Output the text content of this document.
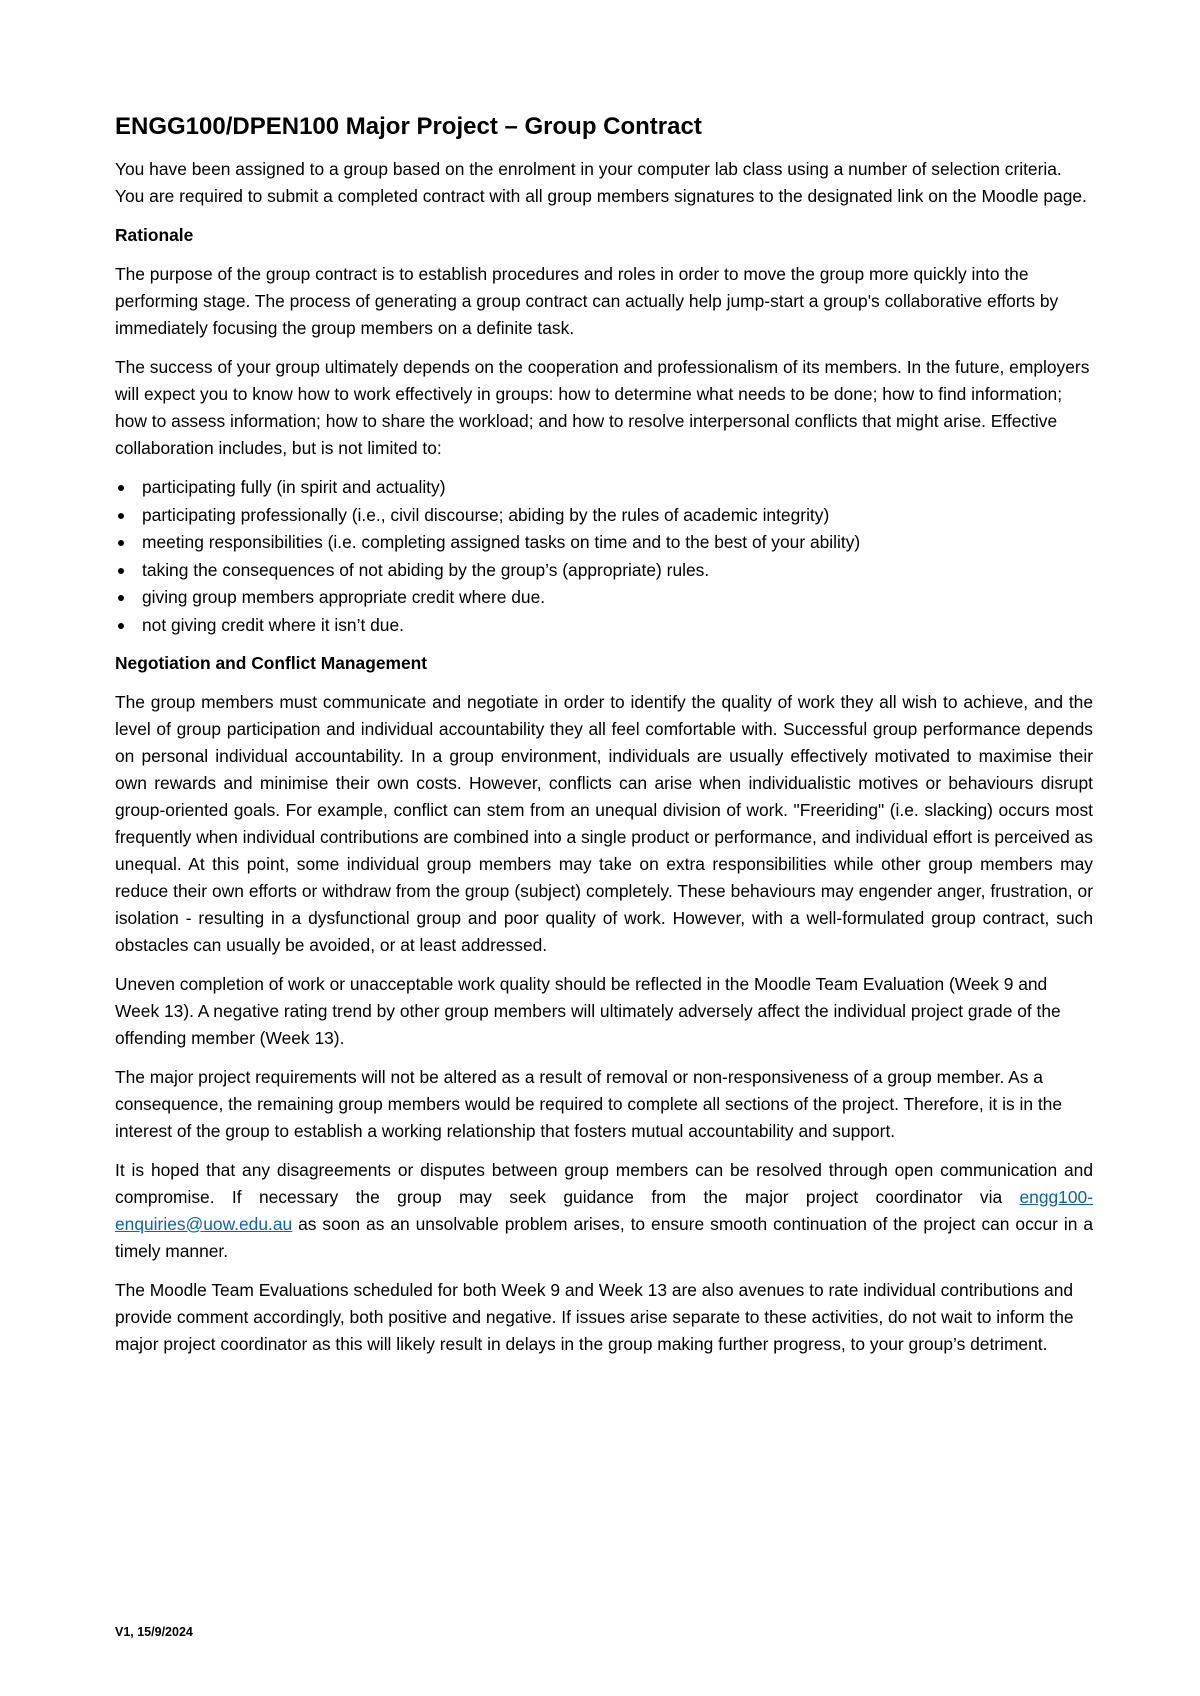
ENGG100/DPEN100 Major Project – Group Contract

You have been assigned to a group based on the enrolment in your computer lab class using a number of selection criteria. You are required to submit a completed contract with all group members signatures to the designated link on the Moodle page.

Rationale

The purpose of the group contract is to establish procedures and roles in order to move the group more quickly into the performing stage. The process of generating a group contract can actually help jump-start a group's collaborative efforts by immediately focusing the group members on a definite task.

The success of your group ultimately depends on the cooperation and professionalism of its members. In the future, employers will expect you to know how to work effectively in groups: how to determine what needs to be done; how to find information; how to assess information; how to share the workload; and how to resolve interpersonal conflicts that might arise. Effective collaboration includes, but is not limited to:

participating fully (in spirit and actuality)
participating professionally (i.e., civil discourse; abiding by the rules of academic integrity)
meeting responsibilities (i.e. completing assigned tasks on time and to the best of your ability)
taking the consequences of not abiding by the group’s (appropriate) rules.
giving group members appropriate credit where due.
not giving credit where it isn’t due.
Negotiation and Conflict Management

The group members must communicate and negotiate in order to identify the quality of work they all wish to achieve, and the level of group participation and individual accountability they all feel comfortable with. Successful group performance depends on personal individual accountability. In a group environment, individuals are usually effectively motivated to maximise their own rewards and minimise their own costs. However, conflicts can arise when individualistic motives or behaviours disrupt group-oriented goals. For example, conflict can stem from an unequal division of work. "Freeriding" (i.e. slacking) occurs most frequently when individual contributions are combined into a single product or performance, and individual effort is perceived as unequal. At this point, some individual group members may take on extra responsibilities while other group members may reduce their own efforts or withdraw from the group (subject) completely. These behaviours may engender anger, frustration, or isolation - resulting in a dysfunctional group and poor quality of work. However, with a well-formulated group contract, such obstacles can usually be avoided, or at least addressed.

Uneven completion of work or unacceptable work quality should be reflected in the Moodle Team Evaluation (Week 9 and Week 13). A negative rating trend by other group members will ultimately adversely affect the individual project grade of the offending member (Week 13).

The major project requirements will not be altered as a result of removal or non-responsiveness of a group member. As a consequence, the remaining group members would be required to complete all sections of the project. Therefore, it is in the interest of the group to establish a working relationship that fosters mutual accountability and support.

It is hoped that any disagreements or disputes between group members can be resolved through open communication and compromise. If necessary the group may seek guidance from the major project coordinator via engg100-enquiries@uow.edu.au as soon as an unsolvable problem arises, to ensure smooth continuation of the project can occur in a timely manner.

The Moodle Team Evaluations scheduled for both Week 9 and Week 13 are also avenues to rate individual contributions and provide comment accordingly, both positive and negative. If issues arise separate to these activities, do not wait to inform the major project coordinator as this will likely result in delays in the group making further progress, to your group’s detriment.

V1, 15/9/2024
